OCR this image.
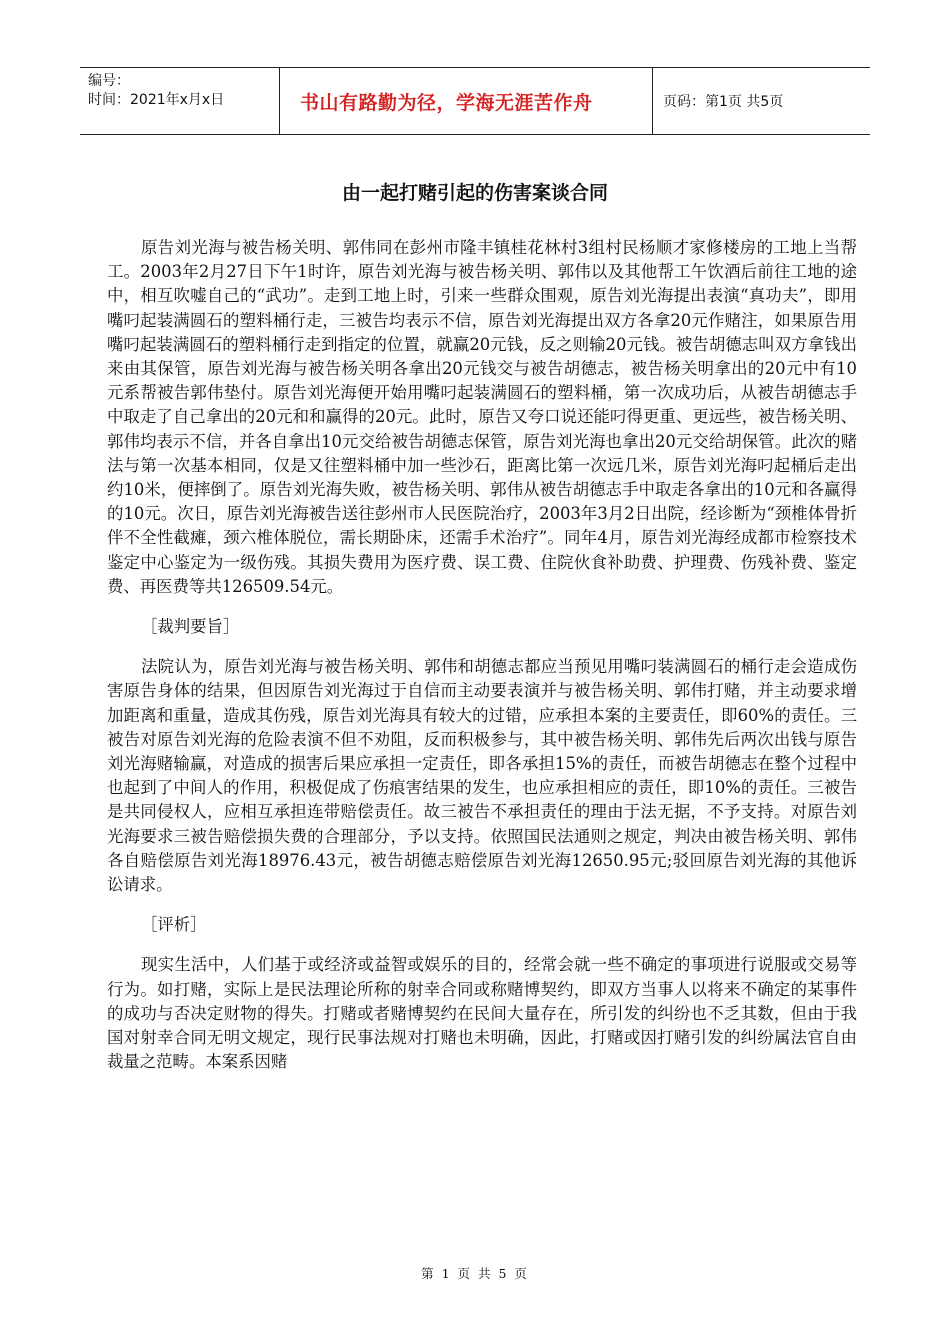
编号：
时间：2021年x月x日	书山有路勤为径，学海无涯苦作舟	页码：第1页 共5页
由一起打赌引起的伤害案谈合同

原告刘光海与被告杨关明、郭伟同在彭州市隆丰镇桂花林村3组村民杨顺才家修楼房的工地上当帮工。2003年2月27日下午1时许，原告刘光海与被告杨关明、郭伟以及其他帮工午饮酒后前往工地的途中，相互吹嘘自己的“武功”。走到工地上时，引来一些群众围观，原告刘光海提出表演“真功夫”，即用嘴叼起装满圆石的塑料桶行走，三被告均表示不信，原告刘光海提出双方各拿20元作赌注，如果原告用嘴叼起装满圆石的塑料桶行走到指定的位置，就赢20元钱，反之则输20元钱。被告胡德志叫双方拿钱出来由其保管，原告刘光海与被告杨关明各拿出20元钱交与被告胡德志，被告杨关明拿出的20元中有10元系帮被告郭伟垫付。原告刘光海便开始用嘴叼起装满圆石的塑料桶，第一次成功后，从被告胡德志手中取走了自己拿出的20元和和赢得的20元。此时，原告又夸口说还能叼得更重、更远些，被告杨关明、郭伟均表示不信，并各自拿出10元交给被告胡德志保管，原告刘光海也拿出20元交给胡保管。此次的赌法与第一次基本相同，仅是又往塑料桶中加一些沙石，距离比第一次远几米，原告刘光海叼起桶后走出约10米，便摔倒了。原告刘光海失败，被告杨关明、郭伟从被告胡德志手中取走各拿出的10元和各赢得的10元。次日，原告刘光海被告送往彭州市人民医院治疗，2003年3月2日出院，经诊断为“颈椎体骨折伴不全性截瘫，颈六椎体脱位，需长期卧床，还需手术治疗”。同年4月，原告刘光海经成都市检察技术鉴定中心鉴定为一级伤残。其损失费用为医疗费、误工费、住院伙食补助费、护理费、伤残补费、鉴定费、再医费等共126509.54元。

［裁判要旨］

法院认为，原告刘光海与被告杨关明、郭伟和胡德志都应当预见用嘴叼装满圆石的桶行走会造成伤害原告身体的结果，但因原告刘光海过于自信而主动要表演并与被告杨关明、郭伟打赌，并主动要求增加距离和重量，造成其伤残，原告刘光海具有较大的过错，应承担本案的主要责任，即60%的责任。三被告对原告刘光海的危险表演不但不劝阻，反而积极参与，其中被告杨关明、郭伟先后两次出钱与原告刘光海赌输赢，对造成的损害后果应承担一定责任，即各承担15%的责任，而被告胡德志在整个过程中也起到了中间人的作用，积极促成了伤痕害结果的发生，也应承担相应的责任，即10%的责任。三被告是共同侵权人，应相互承担连带赔偿责任。故三被告不承担责任的理由于法无据，不予支持。对原告刘光海要求三被告赔偿损失费的合理部分，予以支持。依照国民法通则之规定，判决由被告杨关明、郭伟各自赔偿原告刘光海18976.43元，被告胡德志赔偿原告刘光海12650.95元;驳回原告刘光海的其他诉讼请求。

［评析］

现实生活中，人们基于或经济或益智或娱乐的目的，经常会就一些不确定的事项进行说服或交易等行为。如打赌，实际上是民法理论所称的射幸合同或称赌博契约，即双方当事人以将来不确定的某事件的成功与否决定财物的得失。打赌或者赌博契约在民间大量存在，所引发的纠纷也不乏其数，但由于我国对射幸合同无明文规定，现行民事法规对打赌也未明确，因此，打赌或因打赌引发的纠纷属法官自由裁量之范畴。本案系因赌

第 1 页 共 5 页
